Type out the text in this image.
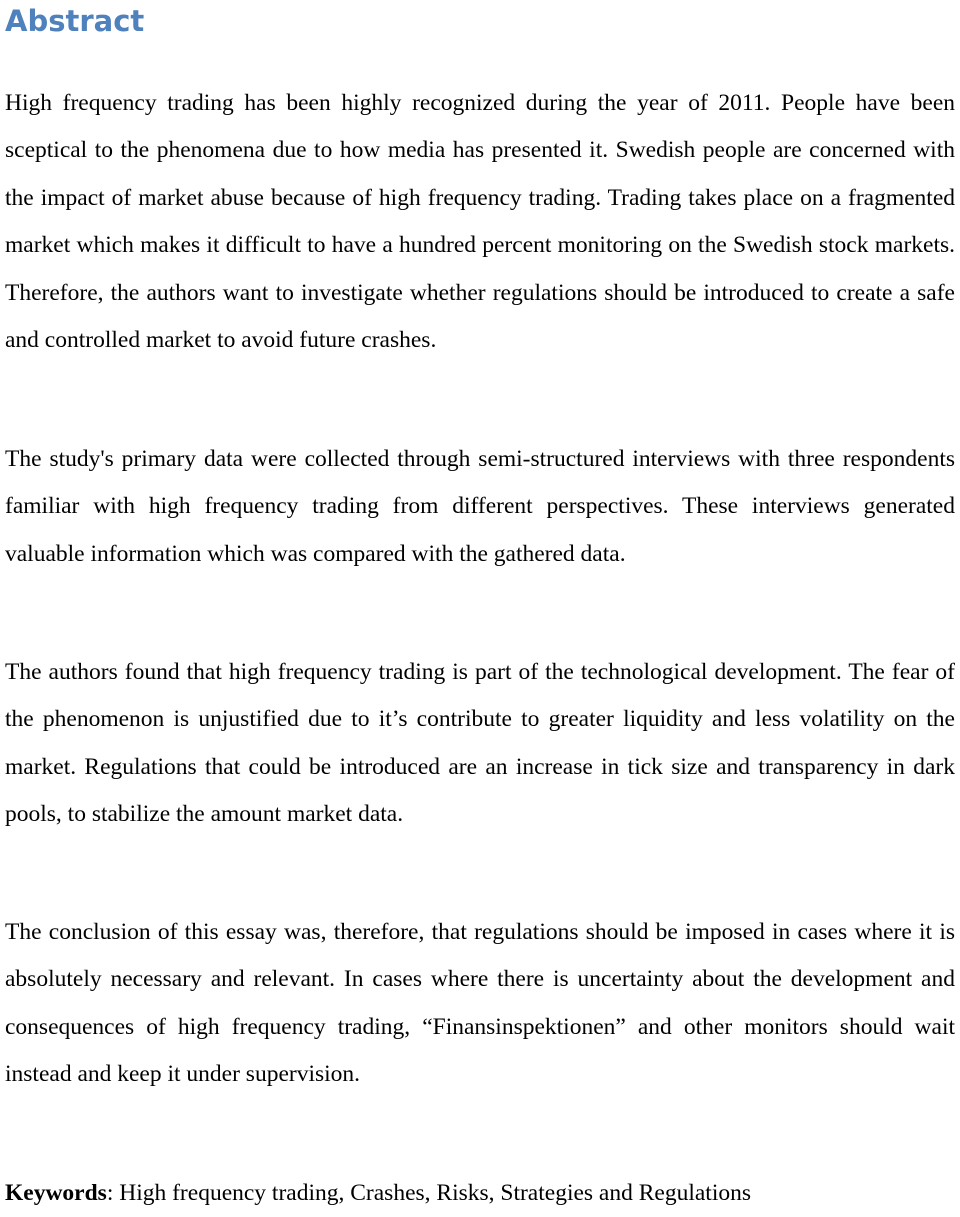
Abstract

High frequency trading has been highly recognized during the year of 2011. People have been sceptical to the phenomena due to how media has presented it. Swedish people are concerned with the impact of market abuse because of high frequency trading. Trading takes place on a fragmented market which makes it difficult to have a hundred percent monitoring on the Swedish stock markets. Therefore, the authors want to investigate whether regulations should be introduced to create a safe and controlled market to avoid future crashes.

The study's primary data were collected through semi-structured interviews with three respondents familiar with high frequency trading from different perspectives. These interviews generated valuable information which was compared with the gathered data.

The authors found that high frequency trading is part of the technological development. The fear of the phenomenon is unjustified due to it’s contribute to greater liquidity and less volatility on the market. Regulations that could be introduced are an increase in tick size and transparency in dark pools, to stabilize the amount market data.

The conclusion of this essay was, therefore, that regulations should be imposed in cases where it is absolutely necessary and relevant. In cases where there is uncertainty about the development and consequences of high frequency trading, “Finansinspektionen” and other monitors should wait instead and keep it under supervision.

Keywords: High frequency trading, Crashes, Risks, Strategies and Regulations
